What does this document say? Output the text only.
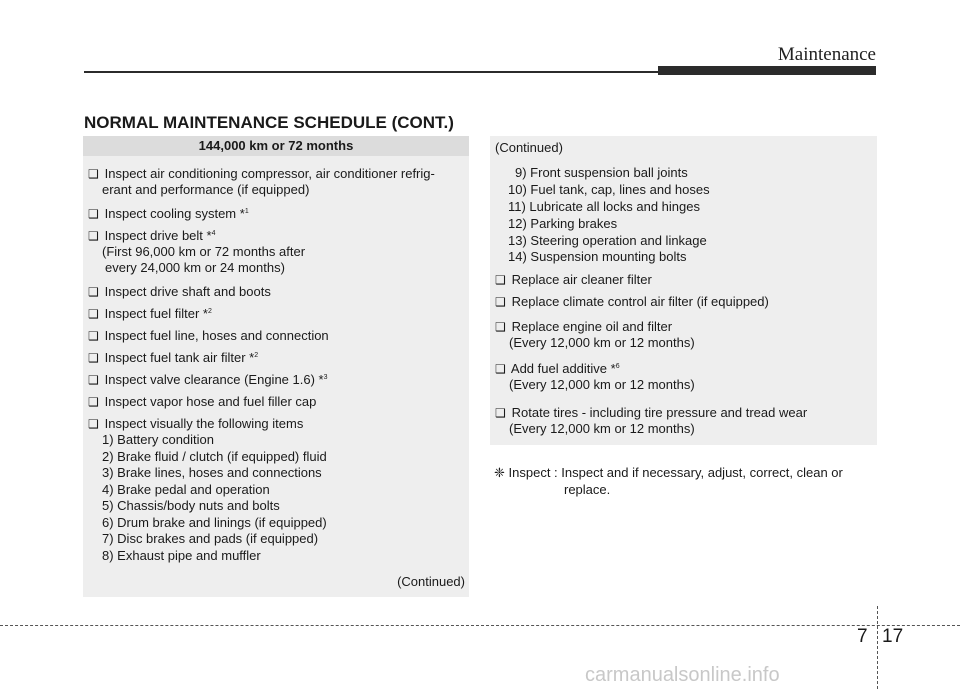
Maintenance
NORMAL MAINTENANCE SCHEDULE (CONT.)
144,000 km or 72 months
❑ Inspect air conditioning compressor, air conditioner refrig-
erant and performance (if equipped)
❑ Inspect cooling system *$^1$
❑ Inspect drive belt *$^4$
(First 96,000 km or 72 months after
every 24,000 km or 24 months)
❑ Inspect drive shaft and boots
❑ Inspect fuel filter *$^2$
❑ Inspect fuel line, hoses and connection
❑ Inspect fuel tank air filter *$^2$
❑ Inspect valve clearance (Engine 1.6) *$^3$
❑ Inspect vapor hose and fuel filler cap
❑ Inspect visually the following items
1) Battery condition
2) Brake fluid / clutch (if equipped) fluid
3) Brake lines, hoses and connections
4) Brake pedal and operation
5) Chassis/body nuts and bolts
6) Drum brake and linings (if equipped)
7) Disc brakes and pads (if equipped)
8) Exhaust pipe and muffler
(Continued)
(Continued)
9) Front suspension ball joints
10) Fuel tank, cap, lines and hoses
11) Lubricate all locks and hinges
12) Parking brakes
13) Steering operation and linkage
14) Suspension mounting bolts
❑ Replace air cleaner filter
❑ Replace climate control air filter (if equipped)
❑ Replace engine oil and filter
(Every 12,000 km or 12 months)
❑ Add fuel additive *$^6$
(Every 12,000 km or 12 months)
❑ Rotate tires - including tire pressure and tread wear
(Every 12,000 km or 12 months)
❈ Inspect : Inspect and if necessary, adjust, correct, clean or
replace.
7 17
carmanualsonline.info
